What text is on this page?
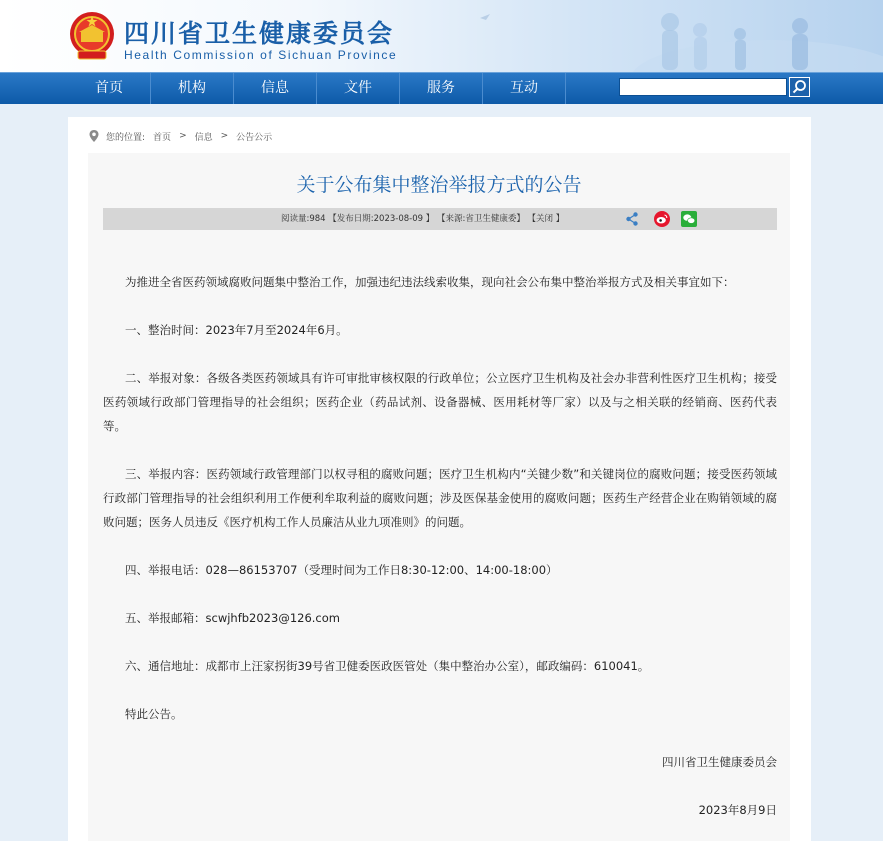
四川省卫生健康委员会
Health Commission of Sichuan Province
首页	机构	信息	文件	服务	互动
您的位置: 首页 > 信息 > 公告公示
关于公布集中整治举报方式的公告
阅读量:984 【发布日期:2023-08-09 】 【来源:省卫生健康委】 【关闭 】
为推进全省医药领域腐败问题集中整治工作，加强违纪违法线索收集，现向社会公布集中整治举报方式及相关事宜如下：
一、整治时间：2023年7月至2024年6月。
二、举报对象：各级各类医药领域具有许可审批审核权限的行政单位；公立医疗卫生机构及社会办非营利性医疗卫生机构；接受医药领域行政部门管理指导的社会组织；医药企业（药品试剂、设备器械、医用耗材等厂家）以及与之相关联的经销商、医药代表等。
三、举报内容：医药领域行政管理部门以权寻租的腐败问题；医疗卫生机构内“关键少数”和关键岗位的腐败问题；接受医药领域行政部门管理指导的社会组织利用工作便利牟取利益的腐败问题；涉及医保基金使用的腐败问题；医药生产经营企业在购销领域的腐败问题；医务人员违反《医疗机构工作人员廉洁从业九项准则》的问题。
四、举报电话：028—86153707（受理时间为工作日8:30-12:00、14:00-18:00）
五、举报邮箱：scwjhfb2023@126.com
六、通信地址：成都市上汪家拐街39号省卫健委医政医管处（集中整治办公室），邮政编码：610041。
特此公告。
四川省卫生健康委员会
2023年8月9日
